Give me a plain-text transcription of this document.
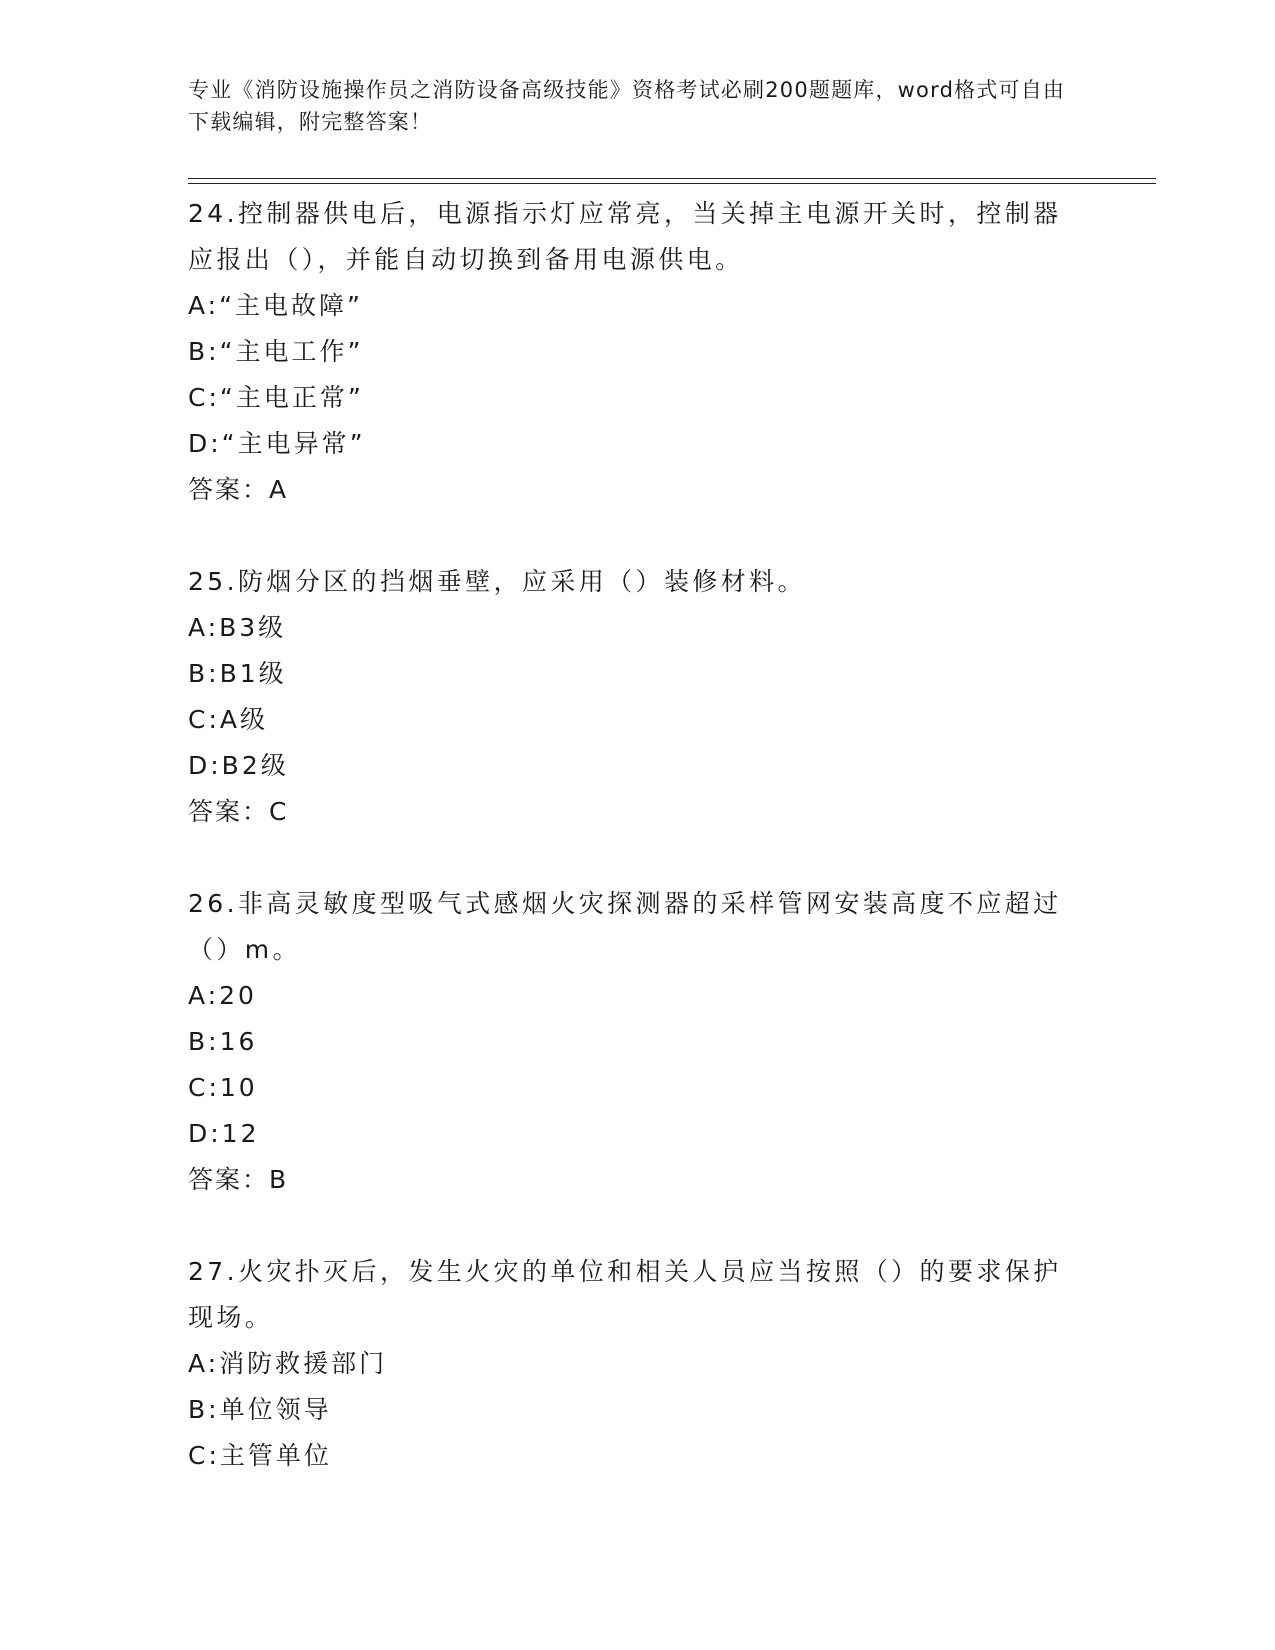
专业《消防设施操作员之消防设备高级技能》资格考试必刷200题题库，word格式可自由下载编辑，附完整答案！

24.控制器供电后，电源指示灯应常亮，当关掉主电源开关时，控制器应报出（），并能自动切换到备用电源供电。

A:“主电故障”

B:“主电工作”

C:“主电正常”

D:“主电异常”

答案：A

25.防烟分区的挡烟垂壁，应采用（）装修材料。

A:B3级

B:B1级

C:A级

D:B2级

答案：C

26.非高灵敏度型吸气式感烟火灾探测器的采样管网安装高度不应超过（）m。

A:20

B:16

C:10

D:12

答案：B

27.火灾扑灭后，发生火灾的单位和相关人员应当按照（）的要求保护现场。

A:消防救援部门

B:单位领导

C:主管单位
